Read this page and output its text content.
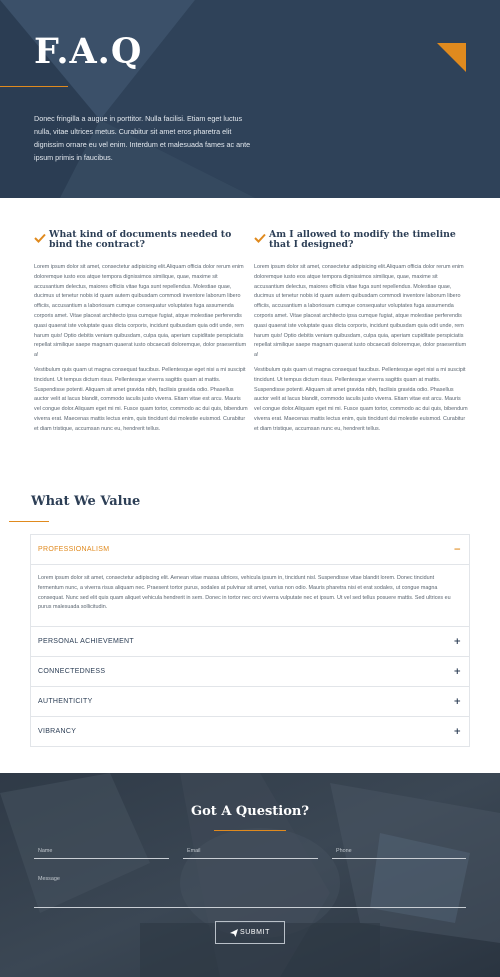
F.A.Q

Donec fringilla a augue in porttitor. Nulla facilisi. Etiam eget luctus nulla, vitae ultrices metus. Curabitur sit amet eros pharetra elit dignissim ornare eu vel enim. Interdum et malesuada fames ac ante ipsum primis in faucibus.

What kind of documents needed to bind the contract?

Lorem ipsum dolor sit amet, consectetur adipisicing elit.Aliquam officia dolor rerum enim doloremque iusto eos atque tempora dignissimos similique, quae, maxime sit accusantium delectus, maiores officiis vitae fuga sunt repellendus. Molestiae quae, ducimus ut tenetur nobis id quam autem quibusdam commodi inventore laborum libero officiis, accusantium a laboriosam cumque consequatur voluptates fuga assumenda corporis amet. Vitae placeat architecto ipsa cumque fugiat, atque molestiae perferendis quasi quaerat iste voluptate quas dicta corporis, incidunt quibusdam quia odit unde, rem harum quis! Optio debitis veniam quibusdam, culpa quia, aperiam cupiditate perspiciatis repellat similique saepe magnam quaerat iusto obcaecati doloremque, dolor praesentium a!

Vestibulum quis quam ut magna consequat faucibus. Pellentesque eget nisi a mi suscipit tincidunt. Ut tempus dictum risus. Pellentesque viverra sagittis quam at mattis. Suspendisse potenti. Aliquam sit amet gravida nibh, facilisis gravida odio. Phasellus auctor velit at lacus blandit, commodo iaculis justo viverra. Etiam vitae est arcu. Mauris vel congue dolor.Aliquam eget mi mi. Fusce quam tortor, commodo ac dui quis, bibendum viverra erat. Maecenas mattis lectus enim, quis tincidunt dui molestie euismod. Curabitur et diam tristique, accumsan nunc eu, hendrerit tellus.

Am I allowed to modify the timeline that I designed?

Lorem ipsum dolor sit amet, consectetur adipisicing elit.Aliquam officia dolor rerum enim doloremque iusto eos atque tempora dignissimos similique, quae, maxime sit accusantium delectus, maiores officiis vitae fuga sunt repellendus. Molestiae quae, ducimus ut tenetur nobis id quam autem quibusdam commodi inventore laborum libero officiis, accusantium a laboriosam cumque consequatur voluptates fuga assumenda corporis amet. Vitae placeat architecto ipsa cumque fugiat, atque molestiae perferendis quasi quaerat iste voluptate quas dicta corporis, incidunt quibusdam quia odit unde, rem harum quis! Optio debitis veniam quibusdam, culpa quia, aperiam cupiditate perspiciatis repellat similique saepe magnam quaerat iusto obcaecati doloremque, dolor praesentium a!

Vestibulum quis quam ut magna consequat faucibus. Pellentesque eget nisi a mi suscipit tincidunt. Ut tempus dictum risus. Pellentesque viverra sagittis quam at mattis. Suspendisse potenti. Aliquam sit amet gravida nibh, facilisis gravida odio. Phasellus auctor velit at lacus blandit, commodo iaculis justo viverra. Etiam vitae est arcu. Mauris vel congue dolor.Aliquam eget mi mi. Fusce quam tortor, commodo ac dui quis, bibendum viverra erat. Maecenas mattis lectus enim, quis tincidunt dui molestie euismod. Curabitur et diam tristique, accumsan nunc eu, hendrerit tellus.

What We Value
PROFESSIONALISM	−
Lorem ipsum dolor sit amet, consectetur adipiscing elit. Aenean vitae massa ultrices, vehicula ipsum in, tincidunt nisl. Suspendisse vitae blandit lorem. Donec tincidunt fermentum nunc, a viverra risus aliquam nec. Praesent tortor purus, sodales at pulvinar sit amet, varius non odio. Mauris pharetra nisi et erat sodales, ut congue magna consequat. Nunc sed elit quis quam aliquet vehicula hendrerit in sem. Donec in tortor nec orci viverra vulputate nec et ipsum. Ut vel sed tellus posuere mattis. Sed ultrices eu purus malesuada sollicitudin.
PERSONAL ACHIEVEMENT	+
CONNECTEDNESS	+
AUTHENTICITY	+
VIBRANCY	+
Got A Question?
Name	Email	Phone
Message
SUBMIT
